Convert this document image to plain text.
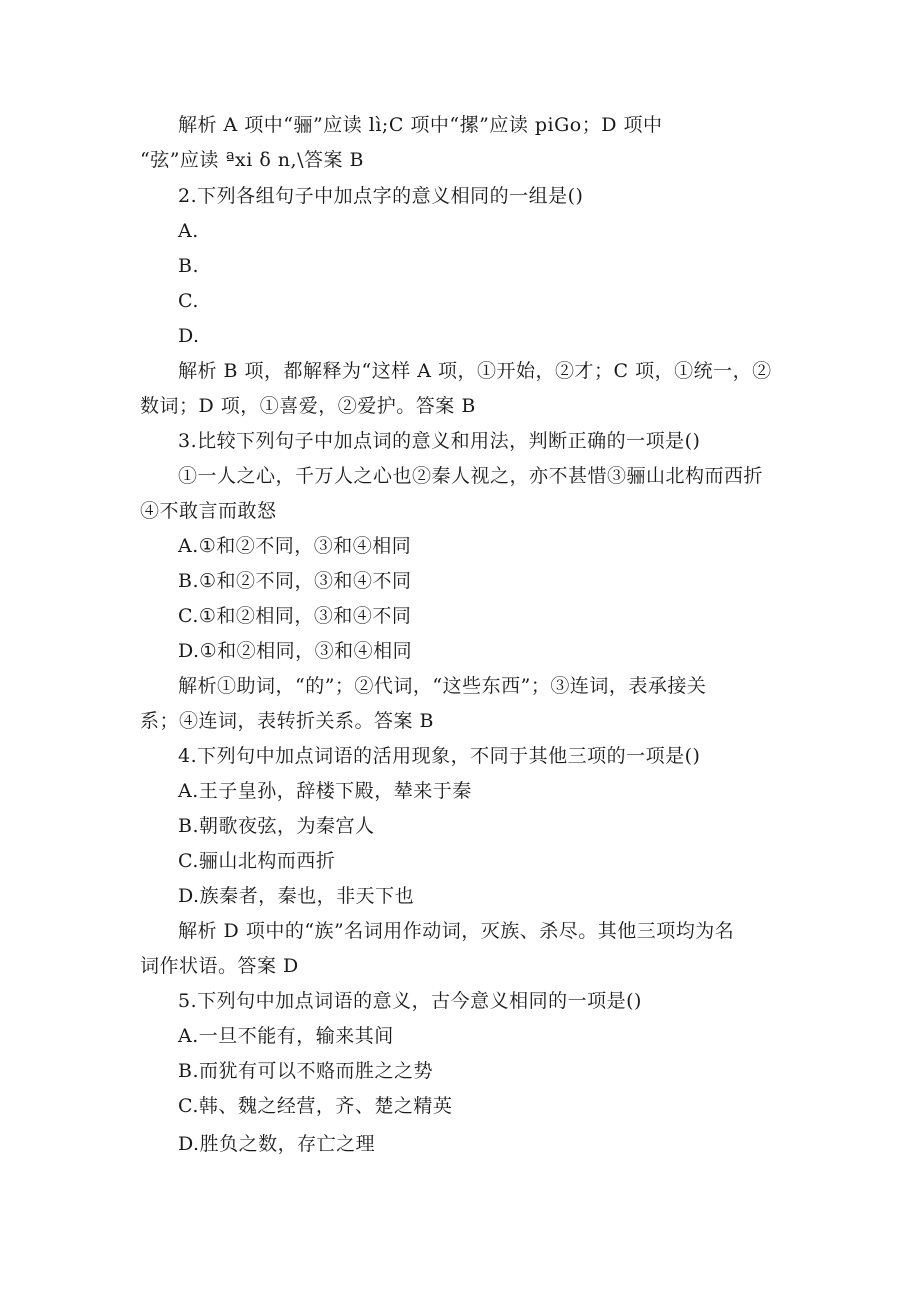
解析 A 项中“骊”应读 lì;C 项中“摞”应读 piGo；D 项中
“弦”应读 ªxi δ n,\答案 B
2.下列各组句子中加点字的意义相同的一组是()
A.
B.
C.
D.
解析 B 项，都解释为“这样 A 项，①开始，②才；C 项，①统一，②
数词；D 项，①喜爱，②爱护。答案 B
3.比较下列句子中加点词的意义和用法，判断正确的一项是()
①一人之心，千万人之心也②秦人视之，亦不甚惜③骊山北构而西折
④不敢言而敢怒
A.①和②不同，③和④相同
B.①和②不同，③和④不同
C.①和②相同，③和④不同
D.①和②相同，③和④相同
解析①助词，“的”；②代词，“这些东西”；③连词，表承接关
系；④连词，表转折关系。答案 B
4.下列句中加点词语的活用现象，不同于其他三项的一项是()
A.王子皇孙，辞楼下殿，辇来于秦
B.朝歌夜弦，为秦宫人
C.骊山北构而西折
D.族秦者，秦也，非天下也
解析 D 项中的“族”名词用作动词，灭族、杀尽。其他三项均为名
词作状语。答案 D
5.下列句中加点词语的意义，古今意义相同的一项是()
A.一旦不能有，输来其间
B.而犹有可以不赂而胜之之势
C.韩、魏之经营，齐、楚之精英
D.胜负之数，存亡之理
